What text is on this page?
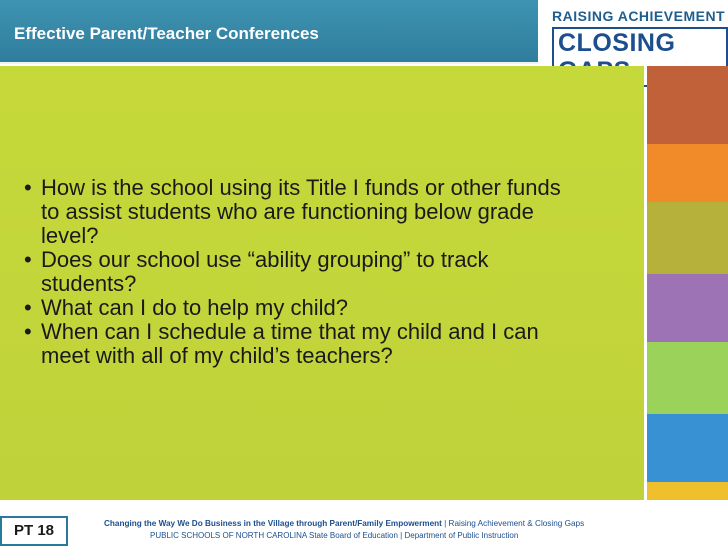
Effective Parent/Teacher Conferences
RAISING ACHIEVEMENT
CLOSING
• How is the school using its Title I funds or other funds to assist students who are functioning below grade level?
• Does our school use “ability grouping” to track students?
• What can I do to help my child?
• When can I schedule a time that my child and I can meet with all of my child’s teachers?
PT 18	Changing the Way We Do Business in the Village through Parent/Family Empowerment | Raising Achievement & Closing Gaps
PUBLIC SCHOOLS OF NORTH CAROLINA State Board of Education | Department of Public Instruction
